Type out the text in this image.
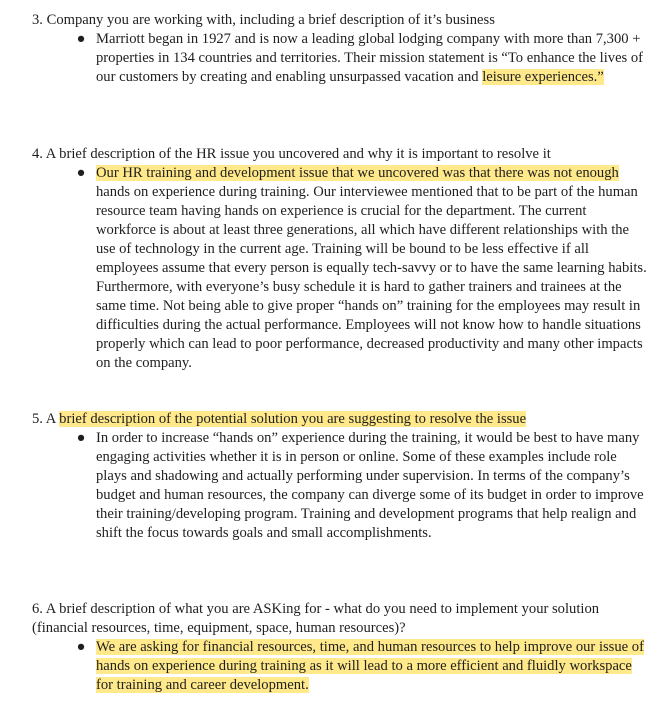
3. Company you are working with, including a brief description of it’s business

● Marriott began in 1927 and is now a leading global lodging company with more than 7,300 + properties in 134 countries and territories. Their mission statement is “To enhance the lives of our customers by creating and enabling unsurpassed vacation and leisure experiences.”

4. A brief description of the HR issue you uncovered and why it is important to resolve it

● Our HR training and development issue that we uncovered was that there was not enough hands on experience during training. Our interviewee mentioned that to be part of the human resource team having hands on experience is crucial for the department. The current workforce is about at least three generations, all which have different relationships with the use of technology in the current age. Training will be bound to be less effective if all employees assume that every person is equally tech-savvy or to have the same learning habits. Furthermore, with everyone’s busy schedule it is hard to gather trainers and trainees at the same time. Not being able to give proper “hands on” training for the employees may result in difficulties during the actual performance. Employees will not know how to handle situations properly which can lead to poor performance, decreased productivity and many other impacts on the company.

5. A brief description of the potential solution you are suggesting to resolve the issue

● In order to increase “hands on” experience during the training, it would be best to have many engaging activities whether it is in person or online. Some of these examples include role plays and shadowing and actually performing under supervision. In terms of the company’s budget and human resources, the company can diverge some of its budget in order to improve their training/developing program. Training and development programs that help realign and shift the focus towards goals and small accomplishments.

6. A brief description of what you are ASKing for - what do you need to implement your solution (financial resources, time, equipment, space, human resources)?

● We are asking for financial resources, time, and human resources to help improve our issue of hands on experience during training as it will lead to a more efficient and fluidly workspace for training and career development.
